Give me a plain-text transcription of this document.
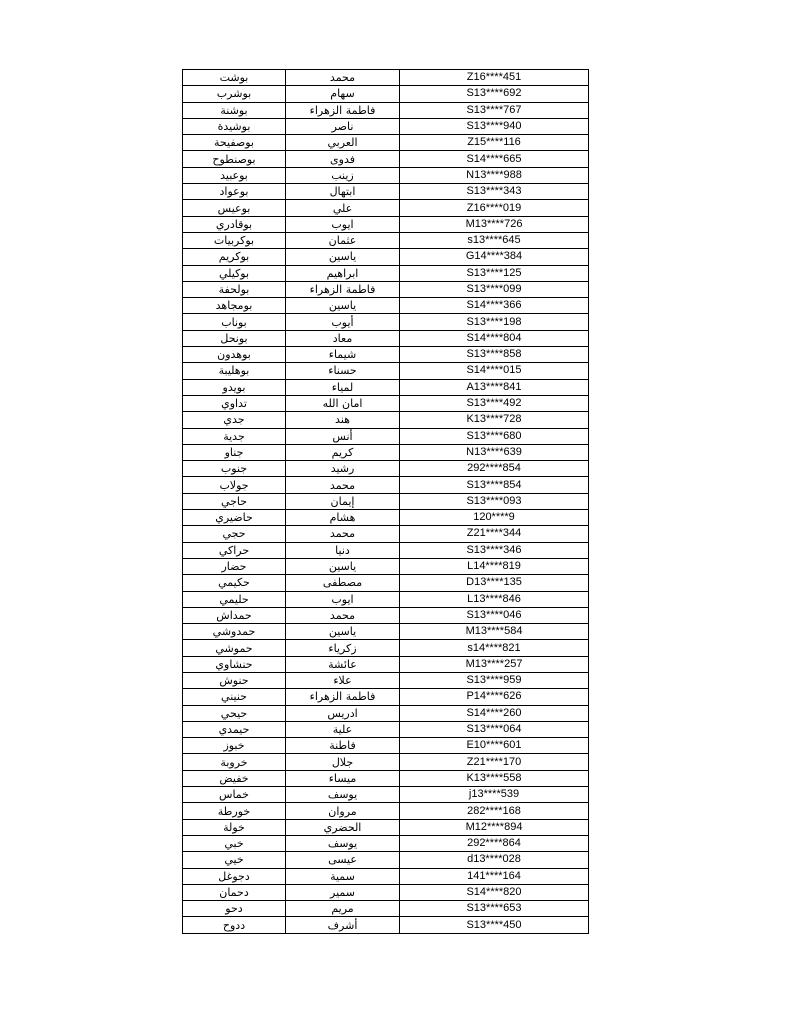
بوشت	محمد	Z16****451
بوشرب	سهام	S13****692
بوشنة	فاطمة الزهراء	S13****767
بوشيدة	ناصر	S13****940
بوصفيحة	العربي	Z15****116
بوصنطوح	فدوى	S14****665
بوعبيد	زينب	N13****988
بوعواد	ابتهال	S13****343
بوعيس	علي	Z16****019
بوقادري	ايوب	M13****726
بوكربيات	عثمان	s13****645
بوكريم	ياسين	G14****384
بوكيلي	ابراهيم	S13****125
بولحفة	فاطمة الزهراء	S13****099
بومجاهد	ياسين	S14****366
بوناب	أيوب	S13****198
بونحل	معاد	S14****804
بوهدون	شيماء	S13****858
بوهليبة	حسناء	S14****015
بويدو	لمياء	A13****841
تداوي	امان الله	S13****492
جدي	هند	K13****728
جدية	أنس	S13****680
جناو	كريم	N13****639
جنوب	رشيد	292****854
جولاب	محمد	S13****854
حاجي	إيمان	S13****093
حاضيري	هشام	120****9
حجي	محمد	Z21****344
حراكي	دنيا	S13****346
حضار	ياسين	L14****819
حكيمي	مصطفى	D13****135
حليمي	ايوب	L13****846
حمداش	محمد	S13****046
حمدوشي	ياسين	M13****584
حموشي	زكرياء	s14****821
حنشاوي	عائشة	M13****257
حنوش	علاء	S13****959
حنيني	فاطمة الزهراء	P14****626
حيحي	ادريس	S14****260
حيمدي	علية	S13****064
خبوز	فاطنة	E10****601
خروبة	جلال	Z21****170
خفيض	ميساء	K13****558
خماس	يوسف	j13****539
خورطة	مروان	282****168
خولة	الحضري	M12****894
خبي	يوسف	292****864
خيي	عيسى	d13****028
دجوغل	سمية	141****164
دحمان	سمير	S14****820
دحو	مريم	S13****653
ددوح	أشرف	S13****450
